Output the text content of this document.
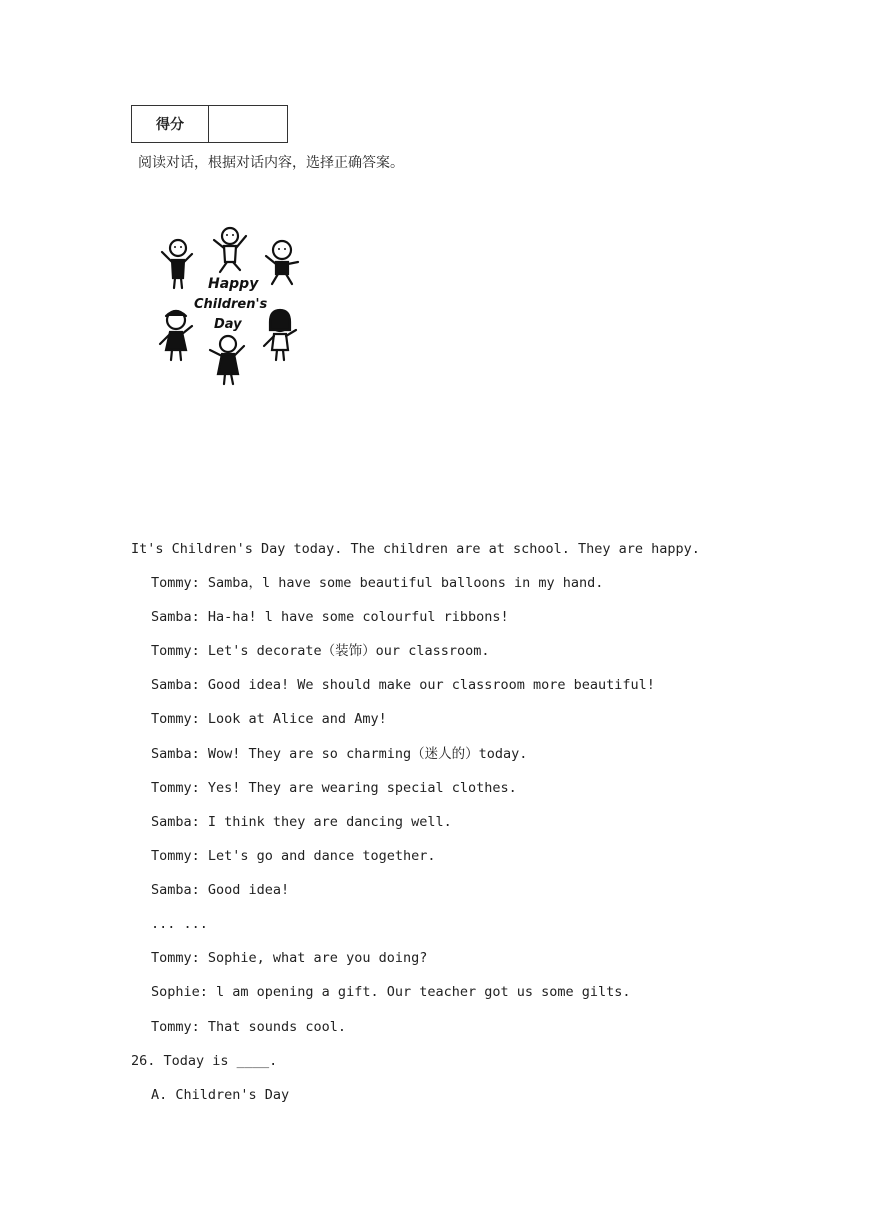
得分
阅读对话，根据对话内容，选择正确答案。
Happy
Children's
Day
It's Children's Day today. The children are at school. They are happy.
Tommy: Samba，l have some beautiful balloons in my hand.
Samba: Ha-ha! l have some colourful ribbons!
Tommy: Let's decorate（装饰）our classroom.
Samba: Good idea! We should make our classroom more beautiful!
Tommy: Look at Alice and Amy!
Samba: Wow! They are so charming（迷人的）today.
Tommy: Yes! They are wearing special clothes.
Samba: I think they are dancing well.
Tommy: Let's go and dance together.
Samba: Good idea!
... ...
Tommy: Sophie, what are you doing?
Sophie: l am opening a gift. Our teacher got us some gilts.
Tommy: That sounds cool.
26. Today is ____.
A. Children's Day
